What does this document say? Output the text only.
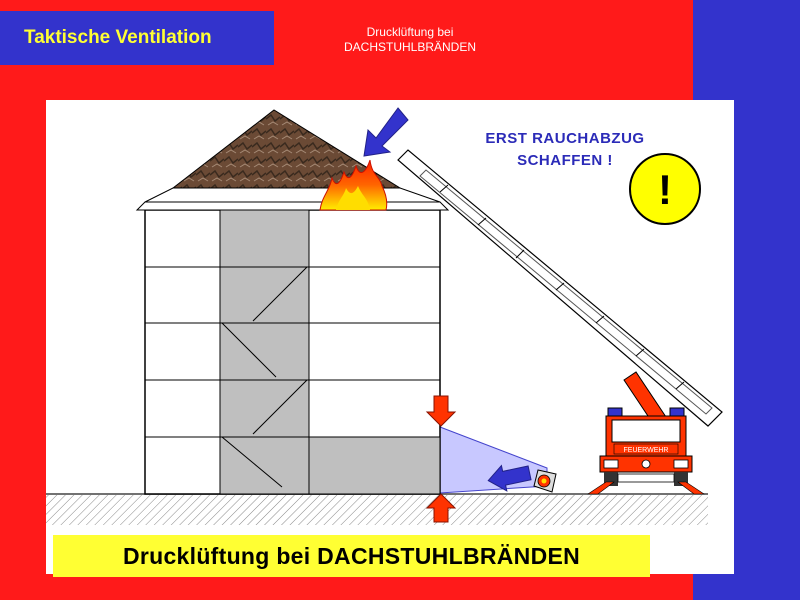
Taktische Ventilation	Drucklüftung bei
DACHSTUHLBRÄNDEN
FEUERWEHR
!
ERST RAUCHABZUG
SCHAFFEN !
Drucklüftung bei DACHSTUHLBRÄNDEN
